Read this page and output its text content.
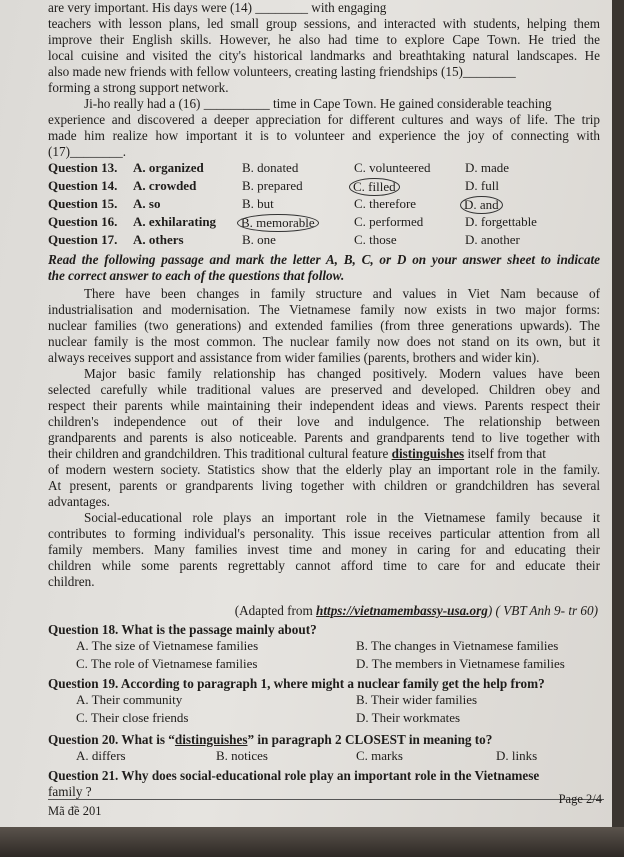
are very important. His days were (14) ________ with engaging
teachers with lesson plans, led small group sessions, and interacted with students, helping them
improve their English skills. However, he also had time to explore Cape Town. He tried the
local cuisine and visited the city's historical landmarks and breathtaking natural landscapes. He
also made new friends with fellow volunteers, creating lasting friendships (15)________
forming a strong support network.
Ji-ho really had a (16) __________ time in Cape Town. He gained considerable teaching
experience and discovered a deeper appreciation for different cultures and ways of life. The trip
made him realize how important it is to volunteer and experience the joy of connecting with
(17)________.
Question 13. A. organized	B. donated	C. volunteered	D. made
Question 14. A. crowded	B. prepared	C. filled	D. full
Question 15. A. so	B. but	C. therefore	D. and
Question 16. A. exhilarating	B. memorable	C. performed	D. forgettable
Question 17. A. others	B. one	C. those	D. another
Read the following passage and mark the letter A, B, C, or D on your answer sheet to indicate
the correct answer to each of the questions that follow.
There have been changes in family structure and values in Viet Nam because of
industrialisation and modernisation. The Vietnamese family now exists in two major forms:
nuclear families (two generations) and extended families (from three generations upwards). The
nuclear family is the most common. The nuclear family now does not stand on its own, but it
always receives support and assistance from wider families (parents, brothers and wider kin).
Major basic family relationship has changed positively. Modern values have been
selected carefully while traditional values are preserved and developed. Children obey and
respect their parents while maintaining their independent ideas and views. Parents respect their
children's independence out of their love and indulgence. The relationship between
grandparents and parents is also noticeable. Parents and grandparents tend to live together with
their children and grandchildren. This traditional cultural feature distinguishes itself from that
of modern western society. Statistics show that the elderly play an important role in the family.
At present, parents or grandparents living together with children or grandchildren has several
advantages.
Social-educational role plays an important role in the Vietnamese family because it
contributes to forming individual's personality. This issue receives particular attention from all
family members. Many families invest time and money in caring for and educating their
children while some parents regrettably cannot afford time to care for and educate their
children.
(Adapted from https://vietnamembassy-usa.org) ( VBT Anh 9- tr 60)
Question 18. What is the passage mainly about?
A. The size of Vietnamese families	B. The changes in Vietnamese families
C. The role of Vietnamese families	D. The members in Vietnamese families
Question 19. According to paragraph 1, where might a nuclear family get the help from?
A. Their community	B. Their wider families
C. Their close friends	D. Their workmates
Question 20. What is “distinguishes” in paragraph 2 CLOSEST in meaning to?
A. differs	B. notices	C. marks	D. links
Question 21. Why does social-educational role play an important role in the Vietnamese
family ?
Mã đề 201
Page 2/4
